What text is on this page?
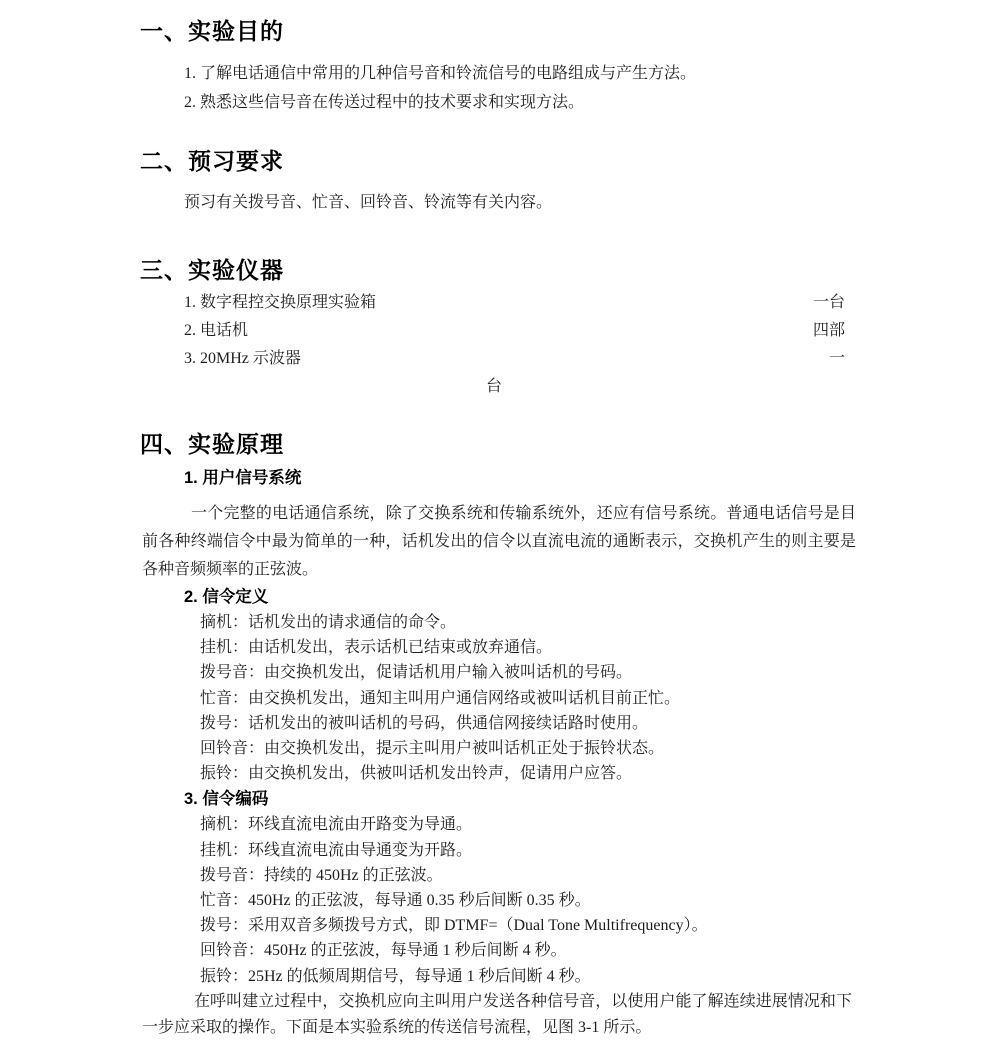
一、实验目的

1. 了解电话通信中常用的几种信号音和铃流信号的电路组成与产生方法。

2. 熟悉这些信号音在传送过程中的技术要求和实现方法。

二、预习要求

预习有关拨号音、忙音、回铃音、铃流等有关内容。

三、实验仪器
1. 数字程控交换原理实验箱	一台
2. 电话机	四部
3. 20MHz 示波器	一
台
四、实验原理
1. 用户信号系统

一个完整的电话通信系统，除了交换系统和传输系统外，还应有信号系统。普通电话信号是目前各种终端信令中最为简单的一种，话机发出的信令以直流电流的通断表示，交换机产生的则主要是各种音频频率的正弦波。

2. 信令定义

摘机：话机发出的请求通信的命令。

挂机：由话机发出，表示话机已结束或放弃通信。

拨号音：由交换机发出，促请话机用户输入被叫话机的号码。

忙音：由交换机发出，通知主叫用户通信网络或被叫话机目前正忙。

拨号：话机发出的被叫话机的号码，供通信网接续话路时使用。

回铃音：由交换机发出，提示主叫用户被叫话机正处于振铃状态。

振铃：由交换机发出，供被叫话机发出铃声，促请用户应答。

3. 信令编码

摘机：环线直流电流由开路变为导通。

挂机：环线直流电流由导通变为开路。

拨号音：持续的 450Hz 的正弦波。

忙音：450Hz 的正弦波，每导通 0.35 秒后间断 0.35 秒。

拨号：采用双音多频拨号方式，即 DTMF=（Dual Tone Multifrequency）。

回铃音：450Hz 的正弦波，每导通 1 秒后间断 4 秒。

振铃：25Hz 的低频周期信号，每导通 1 秒后间断 4 秒。

在呼叫建立过程中，交换机应向主叫用户发送各种信号音，以使用户能了解连续进展情况和下一步应采取的操作。下面是本实验系统的传送信号流程，见图 3-1 所示。
